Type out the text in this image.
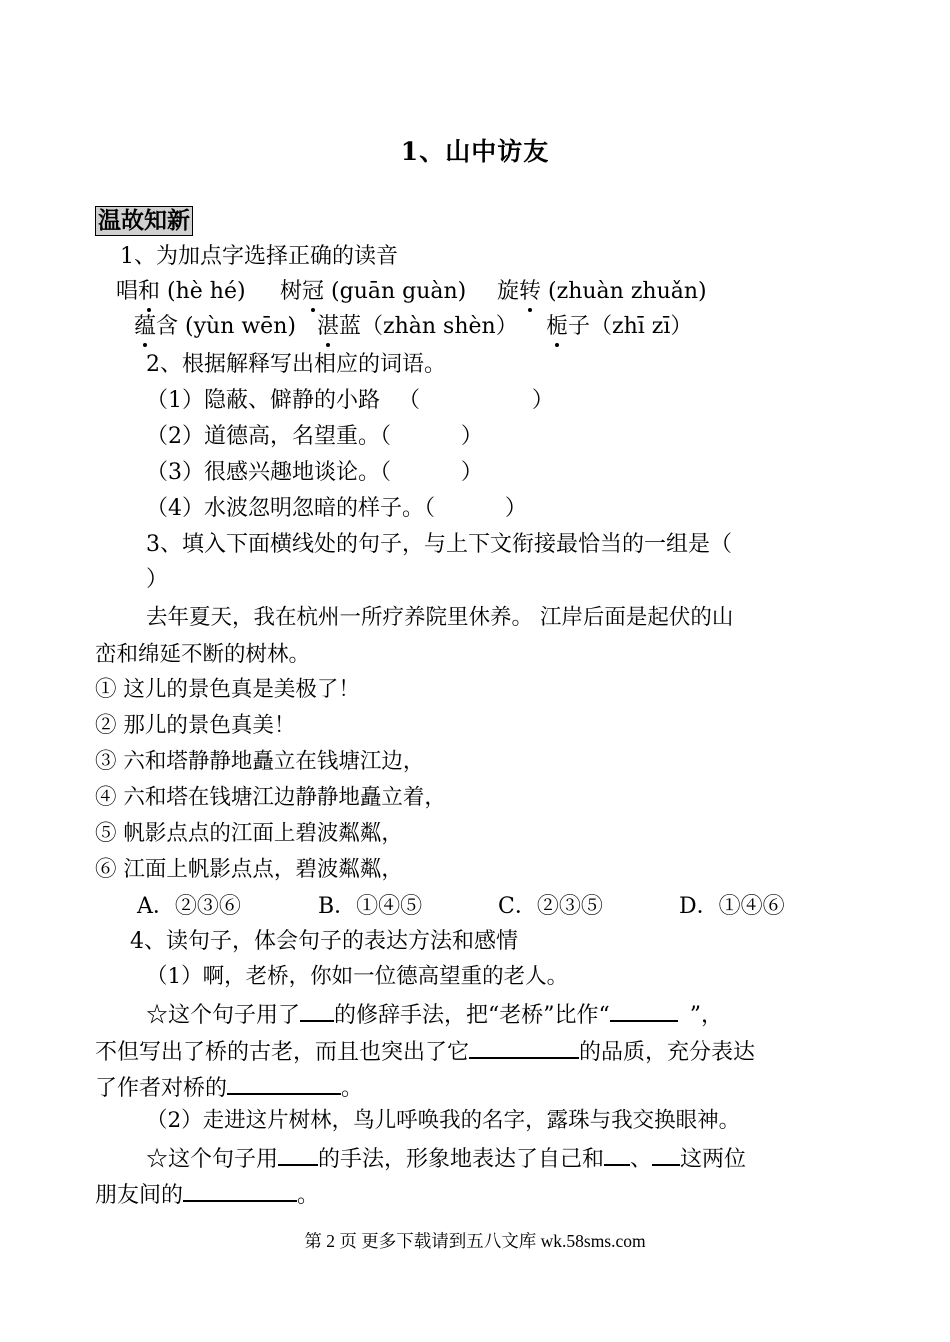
1、山中访友
温故知新
1、为加点字选择正确的读音
唱和 (hè hé) 树冠 (guān guàn) 旋转 (zhuàn zhuǎn)
蕴含 (yùn wēn) 湛蓝（zhàn shèn） 栀子（zhī zī）
2、根据解释写出相应的词语。
（1）隐蔽、僻静的小路 （                ）
（2）道德高，名望重。（          ）
（3）很感兴趣地谈论。（          ）
（4）水波忽明忽暗的样子。（          ）
3、填入下面横线处的句子，与上下文衔接最恰当的一组是（
）
去年夏天，我在杭州一所疗养院里休养。 江岸后面是起伏的山
峦和绵延不断的树林。
① 这儿的景色真是美极了！
② 那儿的景色真美！
③ 六和塔静静地矗立在钱塘江边，
④ 六和塔在钱塘江边静静地矗立着，
⑤ 帆影点点的江面上碧波粼粼，
⑥ 江面上帆影点点，碧波粼粼，
A．②③⑥	B．①④⑤	C．②③⑤	D．①④⑥
4、读句子，体会句子的表达方法和感情
（1）啊，老桥，你如一位德高望重的老人。
☆这个句子用了 的修辞手法，把“老桥”比作“	”，
不但写出了桥的古老，而且也突出了它	的品质，充分表达
了作者对桥的	。
（2）走进这片树林，鸟儿呼唤我的名字，露珠与我交换眼神。
☆这个句子用 的手法，形象地表达了自己和 、 这两位
朋友间的	。
第 2 页 更多下载请到五八文库 wk.58sms.com
